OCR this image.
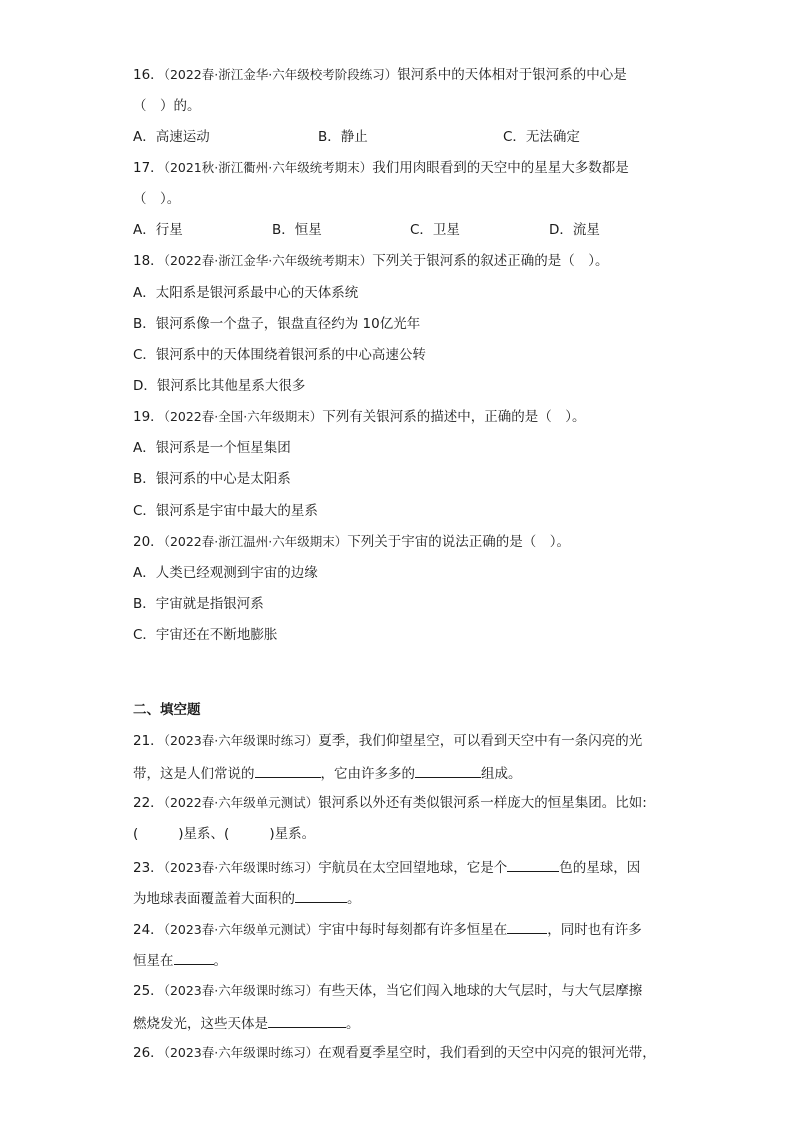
16．（2022春·浙江金华·六年级校考阶段练习）银河系中的天体相对于银河系的中心是
（　）的。
A．高速运动	B．静止	C．无法确定
17．（2021秋·浙江衢州·六年级统考期末）我们用肉眼看到的天空中的星星大多数都是
（　）。
A．行星	B．恒星	C．卫星	D．流星
18．（2022春·浙江金华·六年级统考期末）下列关于银河系的叙述正确的是（　）。
A．太阳系是银河系最中心的天体系统
B．银河系像一个盘子，银盘直径约为 10亿光年
C．银河系中的天体围绕着银河系的中心高速公转
D．银河系比其他星系大很多
19．（2022春·全国·六年级期末）下列有关银河系的描述中，正确的是（　）。
A．银河系是一个恒星集团
B．银河系的中心是太阳系
C．银河系是宇宙中最大的星系
20．（2022春·浙江温州·六年级期末）下列关于宇宙的说法正确的是（　）。
A．人类已经观测到宇宙的边缘
B．宇宙就是指银河系
C．宇宙还在不断地膨胀
二、填空题
21．（2023春·六年级课时练习）夏季，我们仰望星空，可以看到天空中有一条闪亮的光
带，这是人们常说的	，它由许多多的	组成。
22．（2022春·六年级单元测试）银河系以外还有类似银河系一样庞大的恒星集团。比如:
(	)星系、(	)星系。
23．（2023春·六年级课时练习）宇航员在太空回望地球，它是个	色的星球，因
为地球表面覆盖着大面积的	。
24．（2023春·六年级单元测试）宇宙中每时每刻都有许多恒星在	，同时也有许多
恒星在	。
25．（2023春·六年级课时练习）有些天体，当它们闯入地球的大气层时，与大气层摩擦
燃烧发光，这些天体是	。
26．（2023春·六年级课时练习）在观看夏季星空时，我们看到的天空中闪亮的银河光带，
